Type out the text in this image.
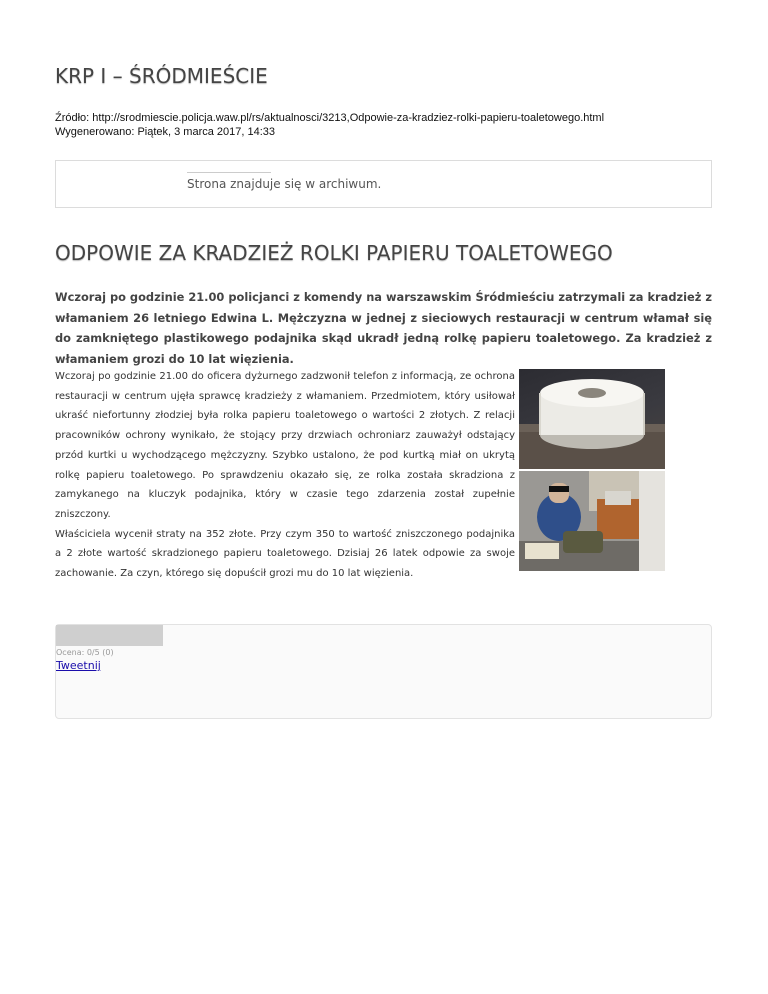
KRP I – ŚRÓDMIEŚCIE
Źródło: http://srodmiescie.policja.waw.pl/rs/aktualnosci/3213,Odpowie-za-kradziez-rolki-papieru-toaletowego.html
Wygenerowano: Piątek, 3 marca 2017, 14:33
Strona znajduje się w archiwum.
ODPOWIE ZA KRADZIEŻ ROLKI PAPIERU TOALETOWEGO

Wczoraj po godzinie 21.00 policjanci z komendy na warszawskim Śródmieściu zatrzymali za kradzież z włamaniem 26 letniego Edwina L. Mężczyzna w jednej z sieciowych restauracji w centrum włamał się do zamkniętego plastikowego podajnika skąd ukradł jedną rolkę papieru toaletowego. Za kradzież z włamaniem grozi do 10 lat więzienia.

Wczoraj po godzinie 21.00 do oficera dyżurnego zadzwonił telefon z informacją, ze ochrona restauracji w centrum ujęła sprawcę kradzieży z włamaniem. Przedmiotem, który usiłował ukraść niefortunny złodziej była rolka papieru toaletowego o wartości 2 złotych. Z relacji pracowników ochrony wynikało, że stojący przy drzwiach ochroniarz zauważył odstający przód kurtki u wychodzącego mężczyzny. Szybko ustalono, że pod kurtką miał on ukrytą rolkę papieru toaletowego. Po sprawdzeniu okazało się, ze rolka została skradziona z zamykanego na kluczyk podajnika, który w czasie tego zdarzenia został zupełnie zniszczony.

Właściciela wycenił straty na 352 złote. Przy czym 350 to wartość zniszczonego podajnika a 2 złote wartość skradzionego papieru toaletowego. Dzisiaj 26 latek odpowie za swoje zachowanie. Za czyn, którego się dopuścił grozi mu do 10 lat więzienia.

Ocena: 0/5 (0)
Tweetnij
